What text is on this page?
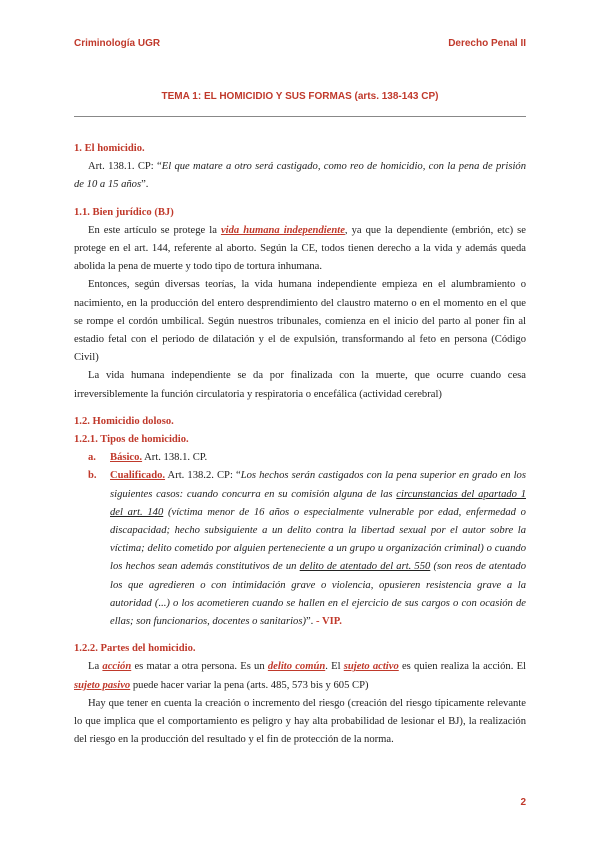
Criminología UGR	Derecho Penal II
TEMA 1: EL HOMICIDIO Y SUS FORMAS (arts. 138-143 CP)

1. El homicidio.

Art. 138.1. CP: “El que matare a otro será castigado, como reo de homicidio, con la pena de prisión de 10 a 15 años”.

1.1. Bien jurídico (BJ)

En este artículo se protege la vida humana independiente, ya que la dependiente (embrión, etc) se protege en el art. 144, referente al aborto. Según la CE, todos tienen derecho a la vida y además queda abolida la pena de muerte y todo tipo de tortura inhumana.

Entonces, según diversas teorías, la vida humana independiente empieza en el alumbramiento o nacimiento, en la producción del entero desprendimiento del claustro materno o en el momento en el que se rompe el cordón umbilical. Según nuestros tribunales, comienza en el inicio del parto al poner fin al estadio fetal con el periodo de dilatación y el de expulsión, transformando al feto en persona (Código Civil)

La vida humana independiente se da por finalizada con la muerte, que ocurre cuando cesa irreversiblemente la función circulatoria y respiratoria o encefálica (actividad cerebral)

1.2. Homicidio doloso.

1.2.1. Tipos de homicidio.

a. Básico. Art. 138.1. CP.
b. Cualificado. Art. 138.2. CP: “Los hechos serán castigados con la pena superior en grado en los siguientes casos: cuando concurra en su comisión alguna de las circunstancias del apartado 1 del art. 140 (víctima menor de 16 años o especialmente vulnerable por edad, enfermedad o discapacidad; hecho subsiguiente a un delito contra la libertad sexual por el autor sobre la víctima; delito cometido por alguien perteneciente a un grupo u organización criminal) o cuando los hechos sean además constitutivos de un delito de atentado del art. 550 (son reos de atentado los que agredieren o con intimidación grave o violencia, opusieren resistencia grave a la autoridad (...) o los acometieren cuando se hallen en el ejercicio de sus cargos o con ocasión de ellas; son funcionarios, docentes o sanitarios)”. - VIP.

1.2.2. Partes del homicidio.

La acción es matar a otra persona. Es un delito común. El sujeto activo es quien realiza la acción. El sujeto pasivo puede hacer variar la pena (arts. 485, 573 bis y 605 CP)

Hay que tener en cuenta la creación o incremento del riesgo (creación del riesgo típicamente relevante lo que implica que el comportamiento es peligro y hay alta probabilidad de lesionar el BJ), la realización del riesgo en la producción del resultado y el fin de protección de la norma.

2
